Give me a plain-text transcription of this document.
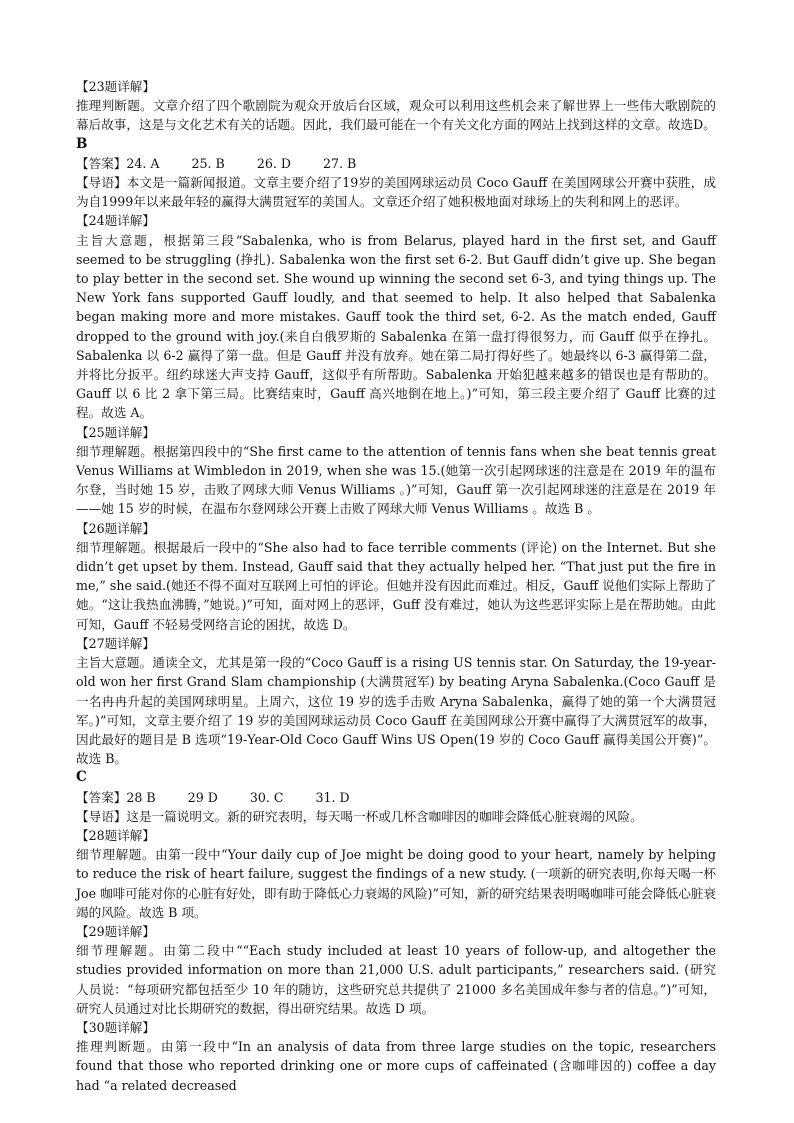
【23题详解】

推理判断题。文章介绍了四个歌剧院为观众开放后台区域，观众可以利用这些机会来了解世界上一些伟大歌剧院的幕后故事，这是与文化艺术有关的话题。因此，我们最可能在一个有关文化方面的网站上找到这样的文章。故选D。

B

【答案】24. A        25. B        26. D        27. B

【导语】本文是一篇新闻报道。文章主要介绍了19岁的美国网球运动员 Coco Gauff 在美国网球公开赛中获胜，成为自1999年以来最年轻的赢得大满贯冠军的美国人。文章还介绍了她积极地面对球场上的失利和网上的恶评。

【24题详解】

主旨大意题，根据第三段“Sabalenka, who is from Belarus, played hard in the first set, and Gauff seemed to be struggling (挣扎). Sabalenka won the first set 6-2. But Gauff didn’t give up. She began to play better in the second set. She wound up winning the second set 6-3, and tying things up. The New York fans supported Gauff loudly, and that seemed to help. It also helped that Sabalenka began making more and more mistakes. Gauff took the third set, 6-2. As the match ended, Gauff dropped to the ground with joy.(来自白俄罗斯的 Sabalenka 在第一盘打得很努力，而 Gauff 似乎在挣扎。Sabalenka 以 6-2 赢得了第一盘。但是 Gauff 并没有放弃。她在第二局打得好些了。她最终以 6-3 赢得第二盘，并将比分扳平。纽约球迷大声支持 Gauff，这似乎有所帮助。Sabalenka 开始犯越来越多的错误也是有帮助的。Gauff 以 6 比 2 拿下第三局。比赛结束时，Gauff 高兴地倒在地上。)”可知，第三段主要介绍了 Gauff 比赛的过程。故选 A。

【25题详解】

细节理解题。根据第四段中的“She first came to the attention of tennis fans when she beat tennis great Venus Williams at Wimbledon in 2019, when she was 15.(她第一次引起网球迷的注意是在 2019 年的温布尔登，当时她 15 岁，击败了网球大师 Venus Williams 。)”可知，Gauff 第一次引起网球迷的注意是在 2019 年——她 15 岁的时候，在温布尔登网球公开赛上击败了网球大师 Venus Williams 。故选 B 。

【26题详解】

细节理解题。根据最后一段中的“She also had to face terrible comments (评论) on the Internet. But she didn’t get upset by them. Instead, Gauff said that they actually helped her. “That just put the fire in me,” she said.(她还不得不面对互联网上可怕的评论。但她并没有因此而难过。相反，Gauff 说他们实际上帮助了她。“这让我热血沸腾，”她说。)”可知，面对网上的恶评，Guff 没有难过，她认为这些恶评实际上是在帮助她。由此可知，Gauff 不轻易受网络言论的困扰，故选 D。

【27题详解】

主旨大意题。通读全文，尤其是第一段的“Coco Gauff is a rising US tennis star. On Saturday, the 19-year-old won her first Grand Slam championship (大满贯冠军) by beating Aryna Sabalenka.(Coco Gauff 是一名冉冉升起的美国网球明星。上周六，这位 19 岁的选手击败 Aryna Sabalenka，赢得了她的第一个大满贯冠军。)”可知，文章主要介绍了 19 岁的美国网球运动员 Coco Gauff 在美国网球公开赛中赢得了大满贯冠军的故事，因此最好的题目是 B 选项“19-Year-Old Coco Gauff Wins US Open(19 岁的 Coco Gauff 赢得美国公开赛)”。故选 B。

C

【答案】28 B        29 D        30. C        31. D

【导语】这是一篇说明文。新的研究表明，每天喝一杯或几杯含咖啡因的咖啡会降低心脏衰竭的风险。

【28题详解】

细节理解题。由第一段中“Your daily cup of Joe might be doing good to your heart, namely by helping to reduce the risk of heart failure, suggest the findings of a new study. (一项新的研究表明,你每天喝一杯 Joe 咖啡可能对你的心脏有好处，即有助于降低心力衰竭的风险)”可知，新的研究结果表明喝咖啡可能会降低心脏衰竭的风险。故选 B 项。

【29题详解】

细节理解题。由第二段中““Each study included at least 10 years of follow-up, and altogether the studies provided information on more than 21,000 U.S. adult participants,” researchers said. (研究人员说：“每项研究都包括至少 10 年的随访，这些研究总共提供了 21000 多名美国成年参与者的信息。”)”可知，研究人员通过对比长期研究的数据，得出研究结果。故选 D 项。

【30题详解】

推理判断题。由第一段中“In an analysis of data from three large studies on the topic, researchers found that those who reported drinking one or more cups of caffeinated (含咖啡因的) coffee a day had “a related decreased
